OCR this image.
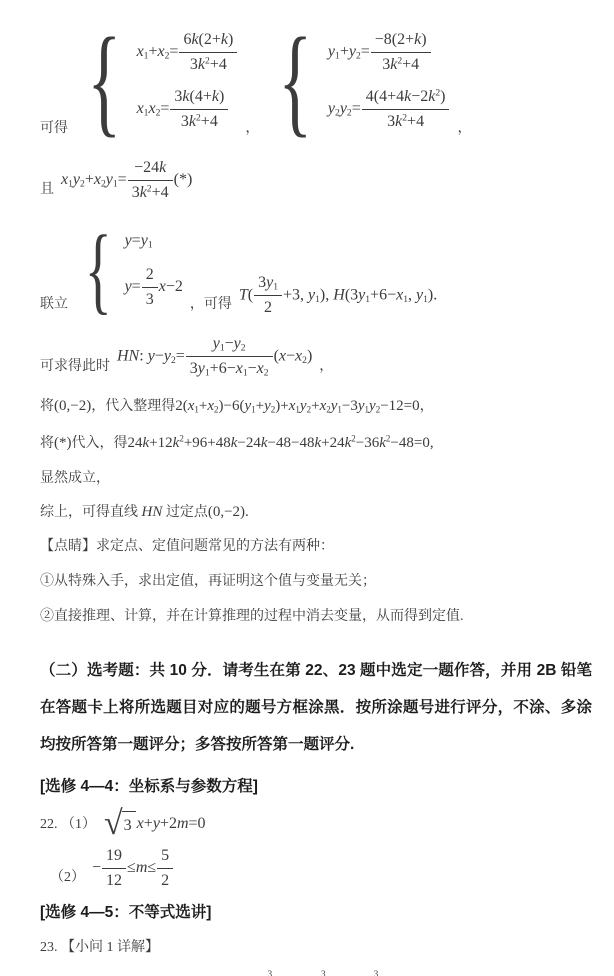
可得 { $x_1+x_2= \frac{6k(2+k)}{3k^2+4}$
$x_1x_2= \frac{3k(4+k)}{3k^2+4}$ ， { $y_1+y_2= \frac{-8(2+k)}{3k^2+4}$
$y_2y_2= \frac{4(4+4k-2k^2)}{3k^2+4}$ ，
且
$x_1y_2+x_2y_1= \frac{-24k}{3k^2+4}$ (*)
联立 { $y=y_1$
$y= \frac{2}{3} x-2$
，可得
$T( \frac{3y_1}{2} +3$, $y_1$), $H(3y_1+6-x_1$, $y_1$).
可求得此时
HN: $y-y_2= \frac{y_1-y_2}{3y_1+6-x_1-x_2} (x-x_2)$
，
将(0,−2)，代入整理得$2(x_1+x_2)-6(y_1+y_2)+x_1y_2+x_2y_1-3y_1y_2-12=0$，
将(*)代入，得$24k+12k^2+96+48k-24k-48-48k+24k^2-36k^2-48=0$,
显然成立，
综上，可得直线 HN 过定点(0,−2).
【点睛】求定点、定值问题常见的方法有两种：
①从特殊入手，求出定值，再证明这个值与变量无关；
②直接推理、计算，并在计算推理的过程中消去变量，从而得到定值.
（二）选考题：共 10 分．请考生在第 22、23 题中选定一题作答，并用 2B 铅笔在答题卡上将所选题目对应的题号方框涂黑．按所涂题号进行评分，不涂、多涂均按所答第一题评分；多答按所答第一题评分.
[选修 4—4：坐标系与参数方程]
22. （1） √ 3 x+y+2m=0
（2）
− $\frac{19}{12} \le m\le \frac{5}{2}$
[选修 4—5：不等式选讲]
23. 【小问 1 详解】
$^3$	$^3$	$^3$
